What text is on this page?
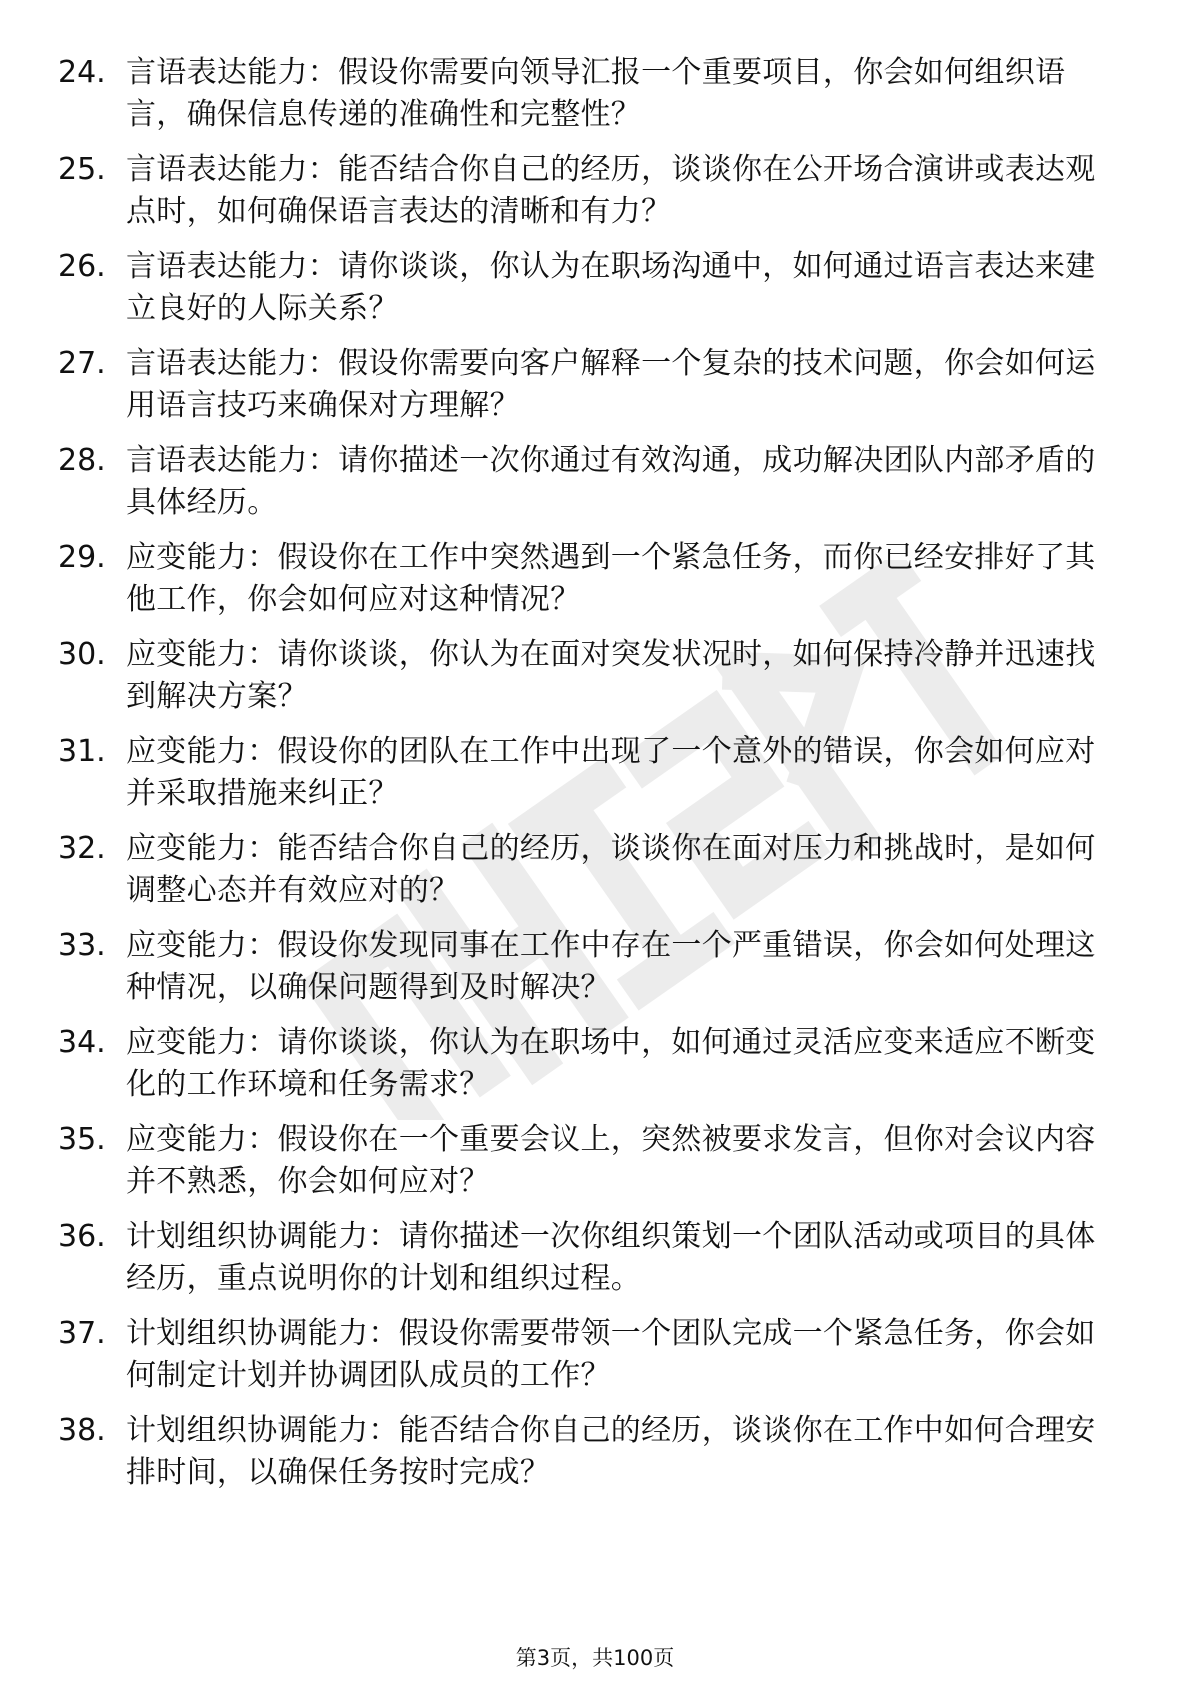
24. 言语表达能力：假设你需要向领导汇报一个重要项目，你会如何组织语言，确保信息传递的准确性和完整性？
25. 言语表达能力：能否结合你自己的经历，谈谈你在公开场合演讲或表达观点时，如何确保语言表达的清晰和有力？
26. 言语表达能力：请你谈谈，你认为在职场沟通中，如何通过语言表达来建立良好的人际关系？
27. 言语表达能力：假设你需要向客户解释一个复杂的技术问题，你会如何运用语言技巧来确保对方理解？
28. 言语表达能力：请你描述一次你通过有效沟通，成功解决团队内部矛盾的具体经历。
29. 应变能力：假设你在工作中突然遇到一个紧急任务，而你已经安排好了其他工作，你会如何应对这种情况？
30. 应变能力：请你谈谈，你认为在面对突发状况时，如何保持冷静并迅速找到解决方案？
31. 应变能力：假设你的团队在工作中出现了一个意外的错误，你会如何应对并采取措施来纠正？
32. 应变能力：能否结合你自己的经历，谈谈你在面对压力和挑战时，是如何调整心态并有效应对的？
33. 应变能力：假设你发现同事在工作中存在一个严重错误，你会如何处理这种情况，以确保问题得到及时解决？
34. 应变能力：请你谈谈，你认为在职场中，如何通过灵活应变来适应不断变化的工作环境和任务需求？
35. 应变能力：假设你在一个重要会议上，突然被要求发言，但你对会议内容并不熟悉，你会如何应对？
36. 计划组织协调能力：请你描述一次你组织策划一个团队活动或项目的具体经历，重点说明你的计划和组织过程。
37. 计划组织协调能力：假设你需要带领一个团队完成一个紧急任务，你会如何制定计划并协调团队成员的工作？
38. 计划组织协调能力：能否结合你自己的经历，谈谈你在工作中如何合理安排时间，以确保任务按时完成？
第3页，共100页
